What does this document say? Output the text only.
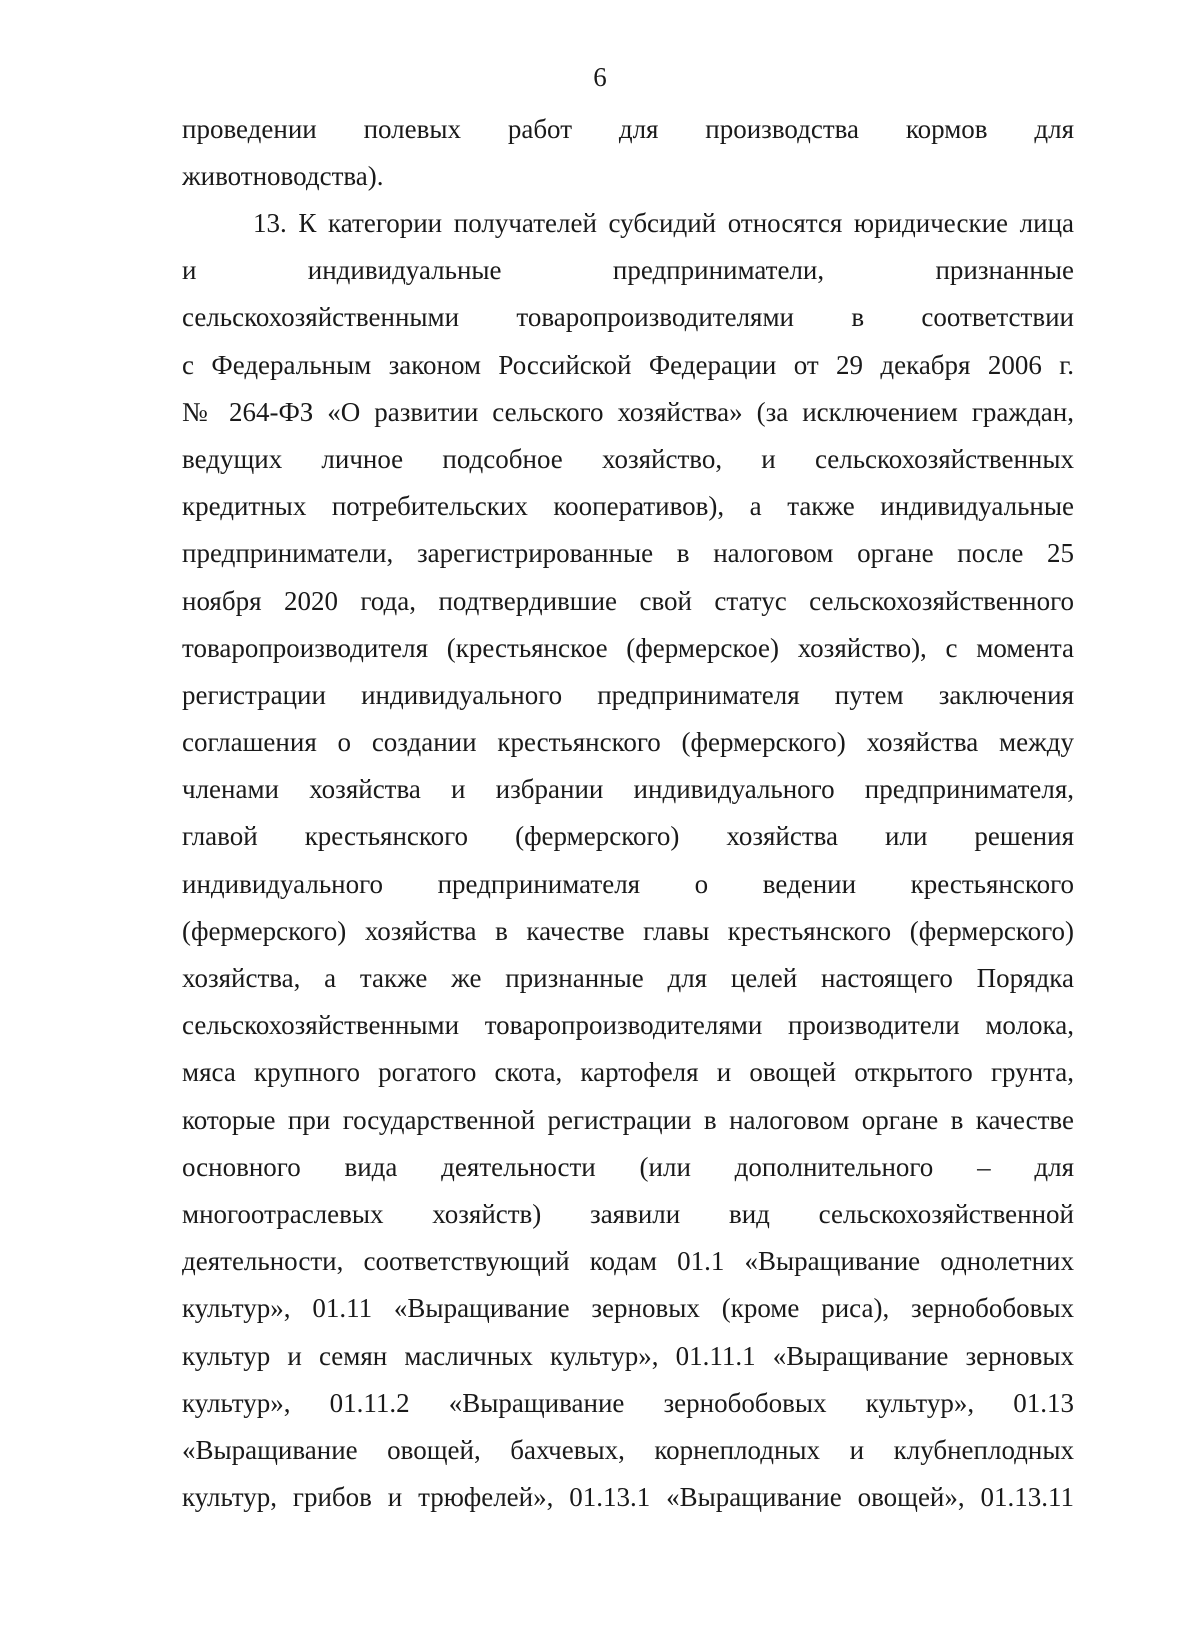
6
проведении полевых работ для производства кормов для
животноводства).
13. К категории получателей субсидий относятся юридические лица
и индивидуальные предприниматели, признанные
сельскохозяйственными товаропроизводителями в соответствии
с Федеральным законом Российской Федерации от 29 декабря 2006 г.
№ 264-ФЗ «О развитии сельского хозяйства» (за исключением граждан,
ведущих личное подсобное хозяйство, и сельскохозяйственных
кредитных потребительских кооперативов), а также индивидуальные
предприниматели, зарегистрированные в налоговом органе после 25
ноября 2020 года, подтвердившие свой статус сельскохозяйственного
товаропроизводителя (крестьянское (фермерское) хозяйство), с момента
регистрации индивидуального предпринимателя путем заключения
соглашения о создании крестьянского (фермерского) хозяйства между
членами хозяйства и избрании индивидуального предпринимателя,
главой крестьянского (фермерского) хозяйства или решения
индивидуального предпринимателя о ведении крестьянского
(фермерского) хозяйства в качестве главы крестьянского (фермерского)
хозяйства, а также же признанные для целей настоящего Порядка
сельскохозяйственными товаропроизводителями производители молока,
мяса крупного рогатого скота, картофеля и овощей открытого грунта,
которые при государственной регистрации в налоговом органе в качестве
основного вида деятельности (или дополнительного – для
многоотраслевых хозяйств) заявили вид сельскохозяйственной
деятельности, соответствующий кодам 01.1 «Выращивание однолетних
культур», 01.11 «Выращивание зерновых (кроме риса), зернобобовых
культур и семян масличных культур», 01.11.1 «Выращивание зерновых
культур», 01.11.2 «Выращивание зернобобовых культур», 01.13
«Выращивание овощей, бахчевых, корнеплодных и клубнеплодных
культур, грибов и трюфелей», 01.13.1 «Выращивание овощей», 01.13.11
